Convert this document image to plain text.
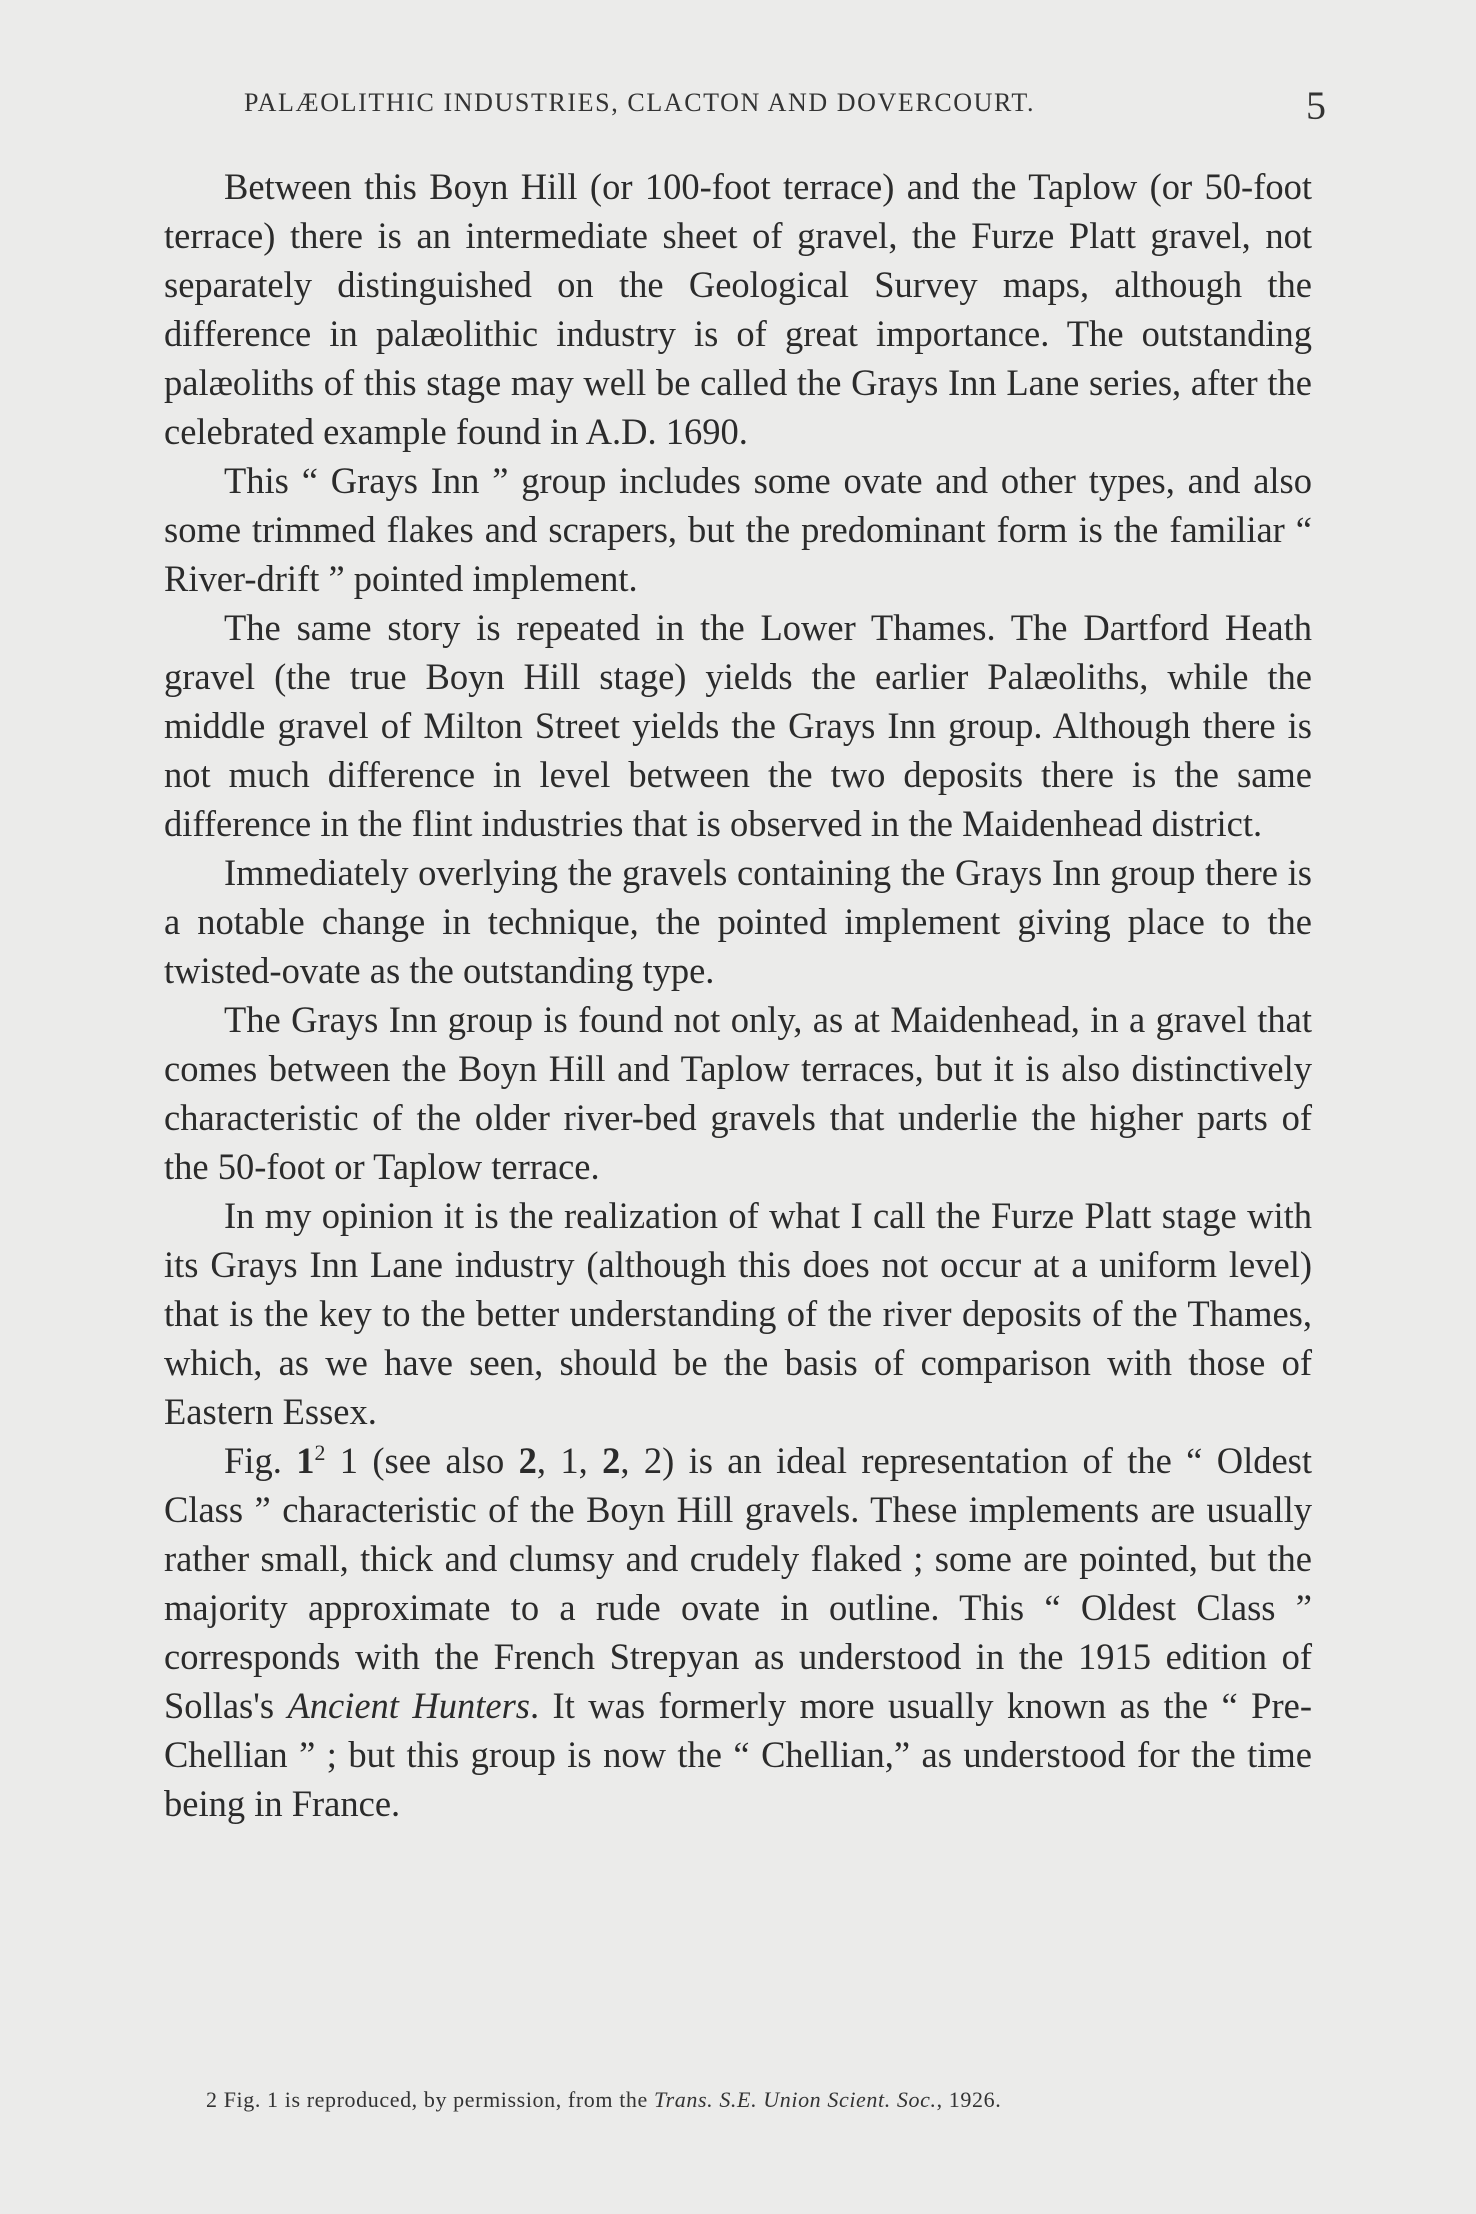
PALÆOLITHIC INDUSTRIES, CLACTON AND DOVERCOURT.	5

Between this Boyn Hill (or 100-foot terrace) and the Taplow (or 50-foot terrace) there is an intermediate sheet of gravel, the Furze Platt gravel, not separately distinguished on the Geological Survey maps, although the difference in palæolithic industry is of great importance. The outstanding palæoliths of this stage may well be called the Grays Inn Lane series, after the celebrated example found in A.D. 1690.

This “ Grays Inn ” group includes some ovate and other types, and also some trimmed flakes and scrapers, but the predominant form is the familiar “ River-drift ” pointed implement.

The same story is repeated in the Lower Thames. The Dartford Heath gravel (the true Boyn Hill stage) yields the earlier Palæoliths, while the middle gravel of Milton Street yields the Grays Inn group. Although there is not much difference in level between the two deposits there is the same difference in the flint industries that is observed in the Maidenhead district.

Immediately overlying the gravels containing the Grays Inn group there is a notable change in technique, the pointed implement giving place to the twisted-ovate as the outstanding type.

The Grays Inn group is found not only, as at Maidenhead, in a gravel that comes between the Boyn Hill and Taplow terraces, but it is also distinctively characteristic of the older river-bed gravels that underlie the higher parts of the 50-foot or Taplow terrace.

In my opinion it is the realization of what I call the Furze Platt stage with its Grays Inn Lane industry (although this does not occur at a uniform level) that is the key to the better understanding of the river deposits of the Thames, which, as we have seen, should be the basis of comparison with those of Eastern Essex.

Fig. $1^2$ 1 (see also 2, 1, 2, 2) is an ideal representation of the “ Oldest Class ” characteristic of the Boyn Hill gravels. These implements are usually rather small, thick and clumsy and crudely flaked ; some are pointed, but the majority approximate to a rude ovate in outline. This “ Oldest Class ” corresponds with the French Strepyan as understood in the 1915 edition of Sollas's Ancient Hunters. It was formerly more usually known as the “ Pre-Chellian ” ; but this group is now the “ Chellian,” as understood for the time being in France.

2 Fig. 1 is reproduced, by permission, from the Trans. S.E. Union Scient. Soc., 1926.
